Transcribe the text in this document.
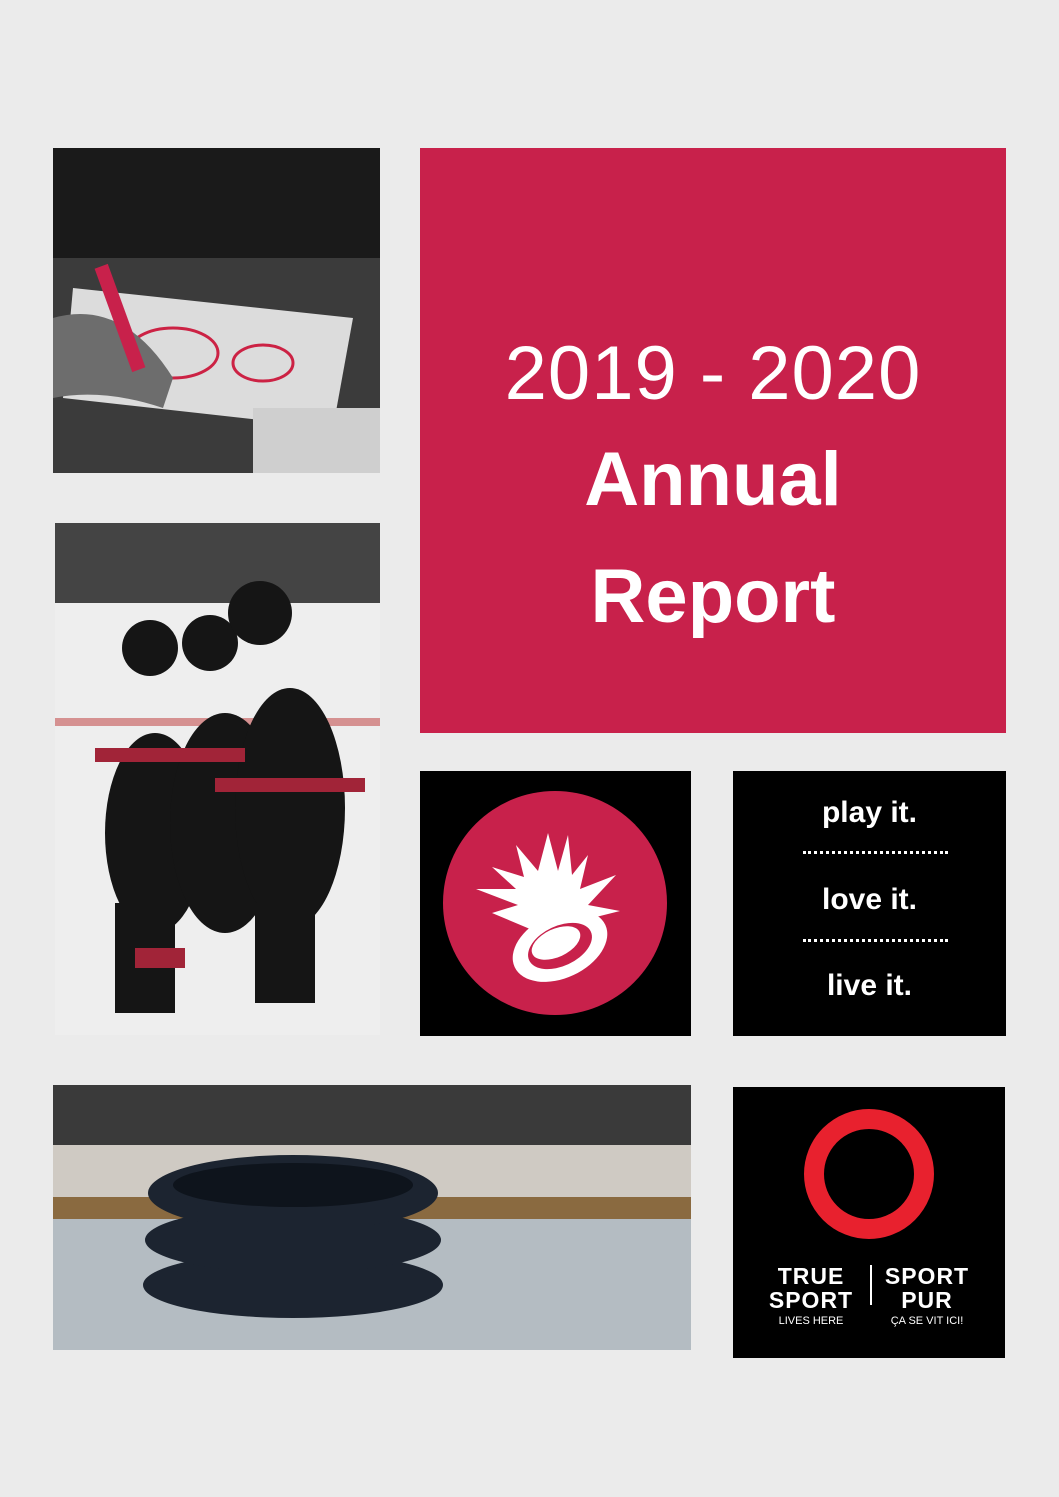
2019 - 2020
Annual
Report
play it.
love it.
live it.
TRUE
SPORT
LIVES HERE
SPORT
PUR
ÇA SE VIT ICI!
